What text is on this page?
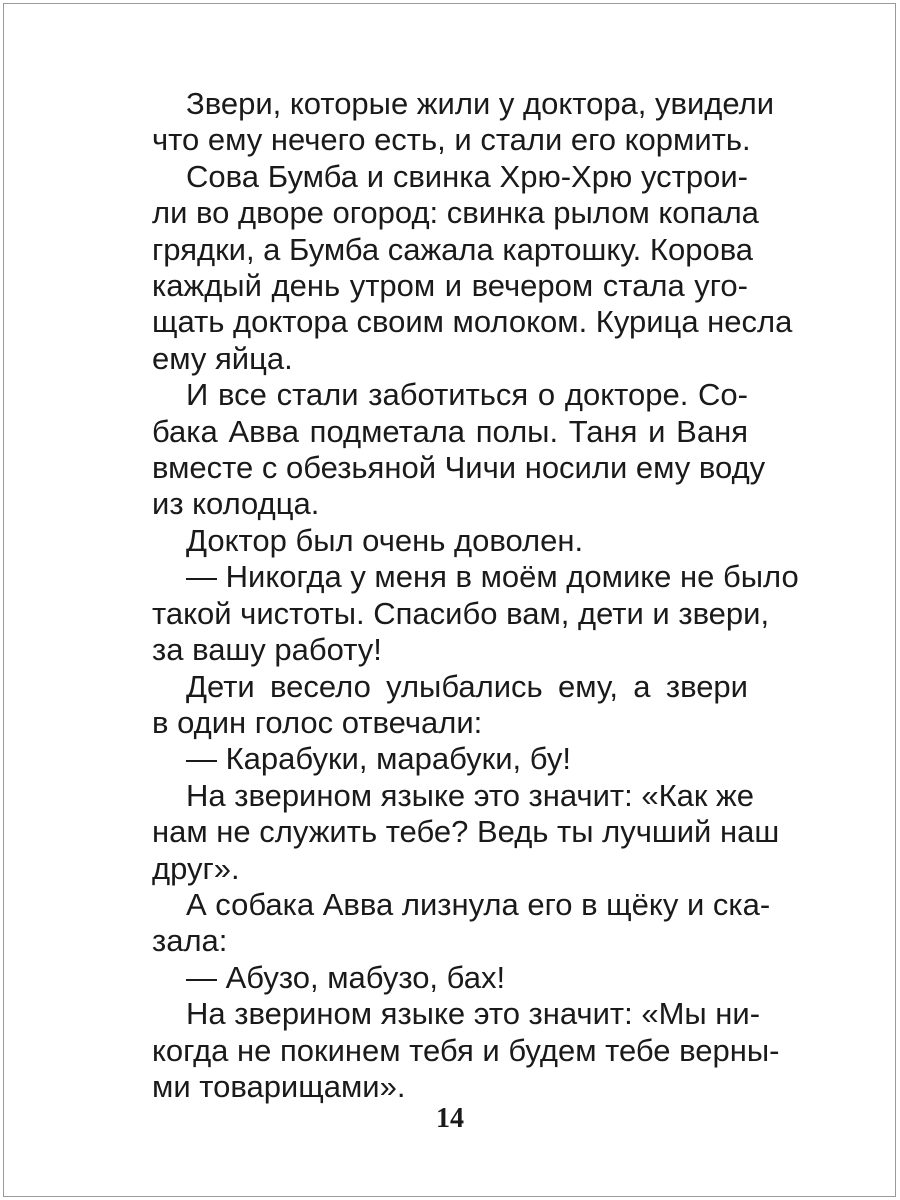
Звери, которые жили у доктора, увидели
что ему нечего есть, и стали его кормить.
Сова Бумба и свинка Хрю-Хрю устрои-
ли во дворе огород: свинка рылом копала
грядки, а Бумба сажала картошку. Корова
каждый день утром и вечером стала уго-
щать доктора своим молоком. Курица несла
ему яйца.
И все стали заботиться о докторе. Со-
бака Авва подметала полы. Таня и Ваня
вместе с обезьяной Чичи носили ему воду
из колодца.
Доктор был очень доволен.
— Никогда у меня в моём домике не было
такой чистоты. Спасибо вам, дети и звери,
за вашу работу!
Дети весело улыбались ему, а звери
в один голос отвечали:
— Карабуки, марабуки, бу!
На зверином языке это значит: «Как же
нам не служить тебе? Ведь ты лучший наш
друг».
А собака Авва лизнула его в щёку и ска-
зала:
— Абузо, мабузо, бах!
На зверином языке это значит: «Мы ни-
когда не покинем тебя и будем тебе верны-
ми товарищами».
14
